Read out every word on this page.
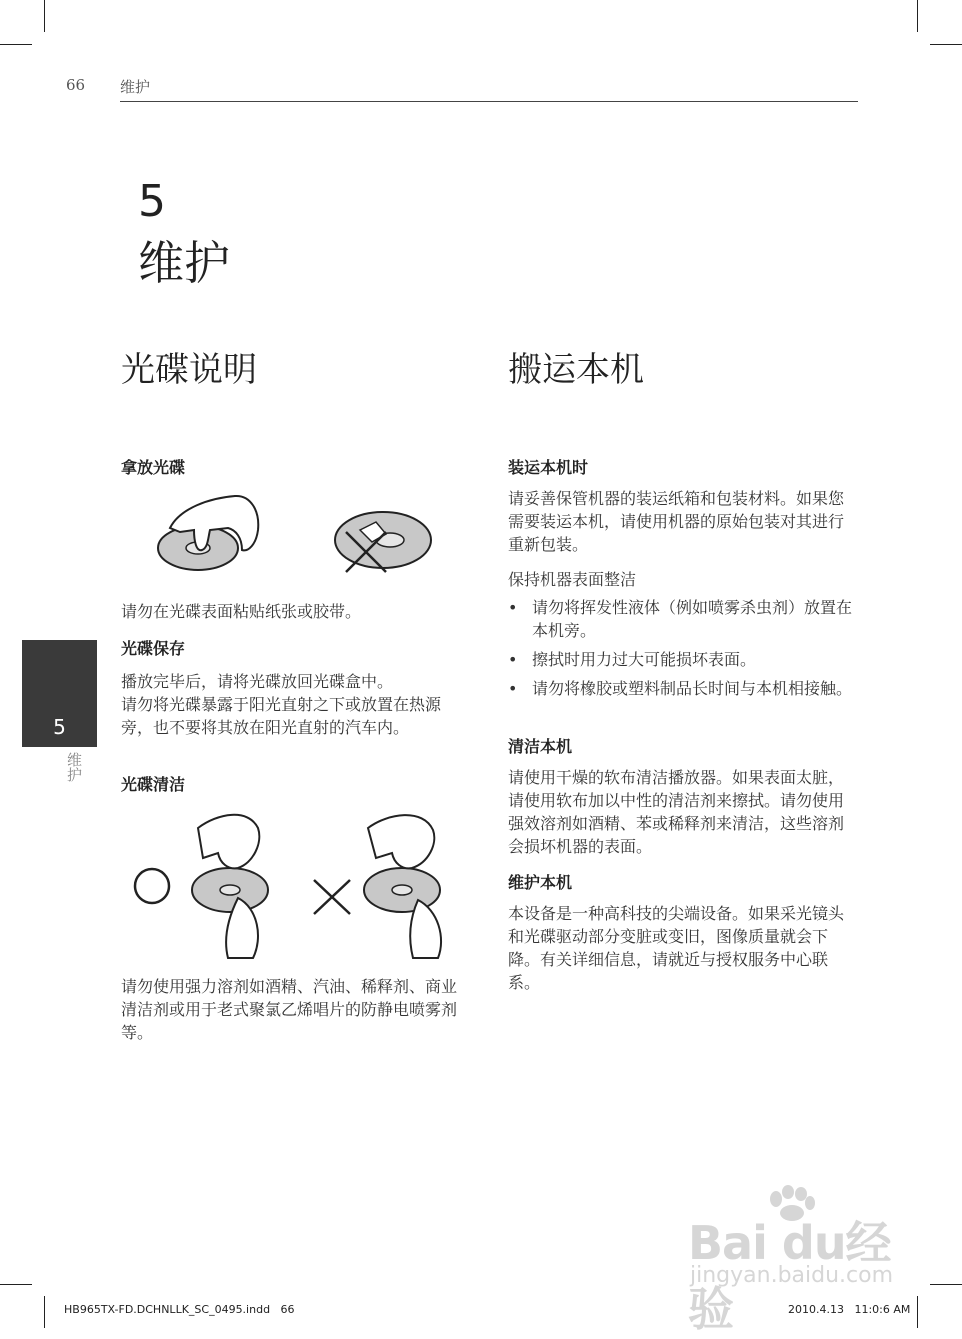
66 维护
5
维护
光碟说明
拿放光碟

请勿在光碟表面粘贴纸张或胶带。

光碟保存

播放完毕后，请将光碟放回光碟盒中。

请勿将光碟暴露于阳光直射之下或放置在热源旁，也不要将其放在阳光直射的汽车内。

光碟清洁

请勿使用强力溶剂如酒精、汽油、稀释剂、商业清洁剂或用于老式聚氯乙烯唱片的防静电喷雾剂等。

搬运本机
装运本机时

请妥善保管机器的装运纸箱和包装材料。如果您需要装运本机，请使用机器的原始包装对其进行重新包装。

保持机器表面整洁

• 请勿将挥发性液体（例如喷雾杀虫剂）放置在本机旁。
• 擦拭时用力过大可能损坏表面。
• 请勿将橡胶或塑料制品长时间与本机相接触。
清洁本机

请使用干燥的软布清洁播放器。如果表面太脏，请使用软布加以中性的清洁剂来擦拭。请勿使用强效溶剂如酒精、苯或稀释剂来清洁，这些溶剂会损坏机器的表面。

维护本机

本设备是一种高科技的尖端设备。如果采光镜头和光碟驱动部分变脏或变旧，图像质量就会下降。有关详细信息，请就近与授权服务中心联系。

5
维护
Bai du经验
jingyan.baidu.com
HB965TX-FD.DCHNLLK_SC_0495.indd   66	2010.4.13   11:0:6 AM
